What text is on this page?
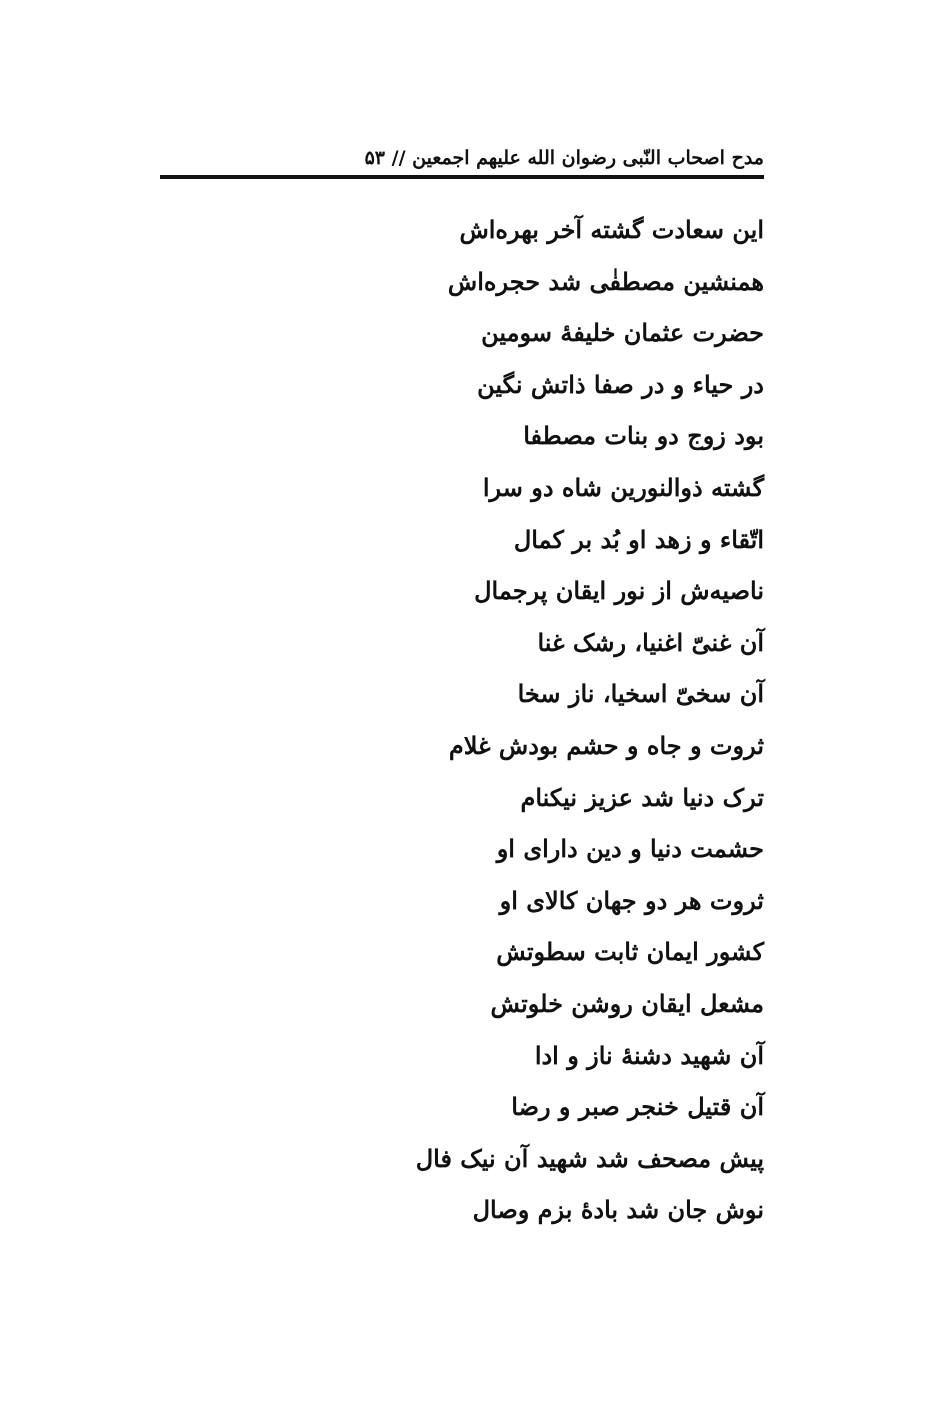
مدح اصحاب النّبی رضوان الله علیهم اجمعین // ۵۳
این سعادت گشته آخر بهره‌اش
همنشین مصطفٰی شد حجره‌اش
حضرت عثمان خلیفۀ سومین
در حیاء و در صفا ذاتش نگین
بود زوج دو بنات مصطفا
گشته ذوالنورین شاه دو سرا
اتّقاء و زهد او بُد بر کمال
ناصیه‌ش از نور ایقان پرجمال
آن غنیّ اغنیا، رشک غنا
آن سخیّ اسخیا، ناز سخا
ثروت و جاه و حشم بودش غلام
ترک دنیا شد عزیز نیکنام
حشمت دنیا و دین دارای او
ثروت هر دو جهان کالای او
کشور ایمان ثابت سطوتش
مشعل ایقان روشن خلوتش
آن شهید دشنۀ ناز و ادا
آن قتیل خنجر صبر و رضا
پیش مصحف شد شهید آن نیک فال
نوش جان شد بادۀ بزم وصال
